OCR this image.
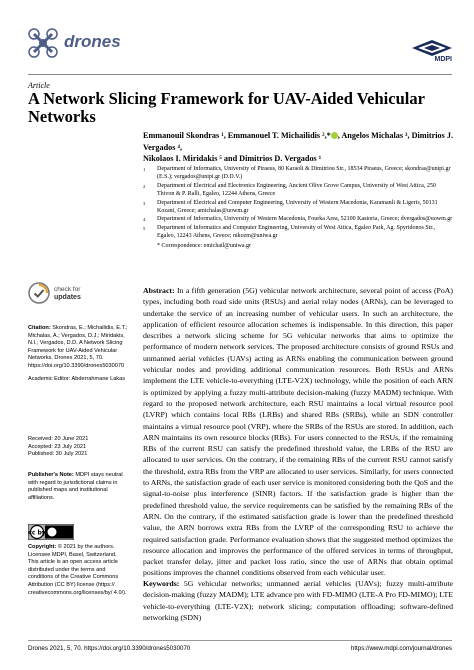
drones
MDPI
Article
A Network Slicing Framework for UAV-Aided Vehicular Networks
Emmanouil Skondras ¹, Emmanouel T. Michailidis ²,* , Angelos Michalas ³, Dimitrios J. Vergados ⁴,
Nikolaos I. Miridakis ⁵ and Dimitrios D. Vergados ¹
1	Department of Informatics, University of Piraeus, 80 Karaoli & Dimitriou Str., 18534 Piraeus, Greece; skondras@unipi.gr (E.S.); vergados@unipi.gr (D.D.V.)
2	Department of Electrical and Electronics Engineering, Ancient Olive Grove Campus, University of West Attica, 250 Thivon & P. Ralli, Egaleo, 12244 Athens, Greece
3	Department of Electrical and Computer Engineering, University of Western Macedonia, Karamanli & Ligeris, 50131 Kozani, Greece; amichalas@uowm.gr
4	Department of Informatics, University of Western Macedonia, Fourka Area, 52100 Kastoria, Greece; dvergados@uowm.gr
5	Department of Informatics and Computer Engineering, University of West Attica, Egaleo Park, Ag. Spyridonos Str., Egaleo, 12243 Athens, Greece; nikozm@uniwa.gr
* Correspondence: emichail@uniwa.gr
check for
updates
Citation: Skondras, E.; Michailidis, E.T.; Michalas, A.; Vergados, D.J.; Miridakis, N.I.; Vergados, D.D. A Network Slicing Framework for UAV-Aided Vehicular Networks. Drones 2021, 5, 70. https://doi.org/10.3390/drones5030070
Academic Editor: Abderrahmane Lakas
Received: 20 June 2021
Accepted: 23 July 2021
Published: 30 July 2021
Publisher's Note: MDPI stays neutral with regard to jurisdictional claims in published maps and institutional affiliations.
cc by
Copyright: © 2021 by the authors. Licensee MDPI, Basel, Switzerland. This article is an open access article distributed under the terms and conditions of the Creative Commons Attribution (CC BY) license (https:// creativecommons.org/licenses/by/ 4.0/).
Abstract: In a fifth generation (5G) vehicular network architecture, several point of access (PoA) types, including both road side units (RSUs) and aerial relay nodes (ARNs), can be leveraged to undertake the service of an increasing number of vehicular users. In such an architecture, the application of efficient resource allocation schemes is indispensable. In this direction, this paper describes a network slicing scheme for 5G vehicular networks that aims to optimize the performance of modern network services. The proposed architecture consists of ground RSUs and unmanned aerial vehicles (UAVs) acting as ARNs enabling the communication between ground vehicular nodes and providing additional communication resources. Both RSUs and ARNs implement the LTE vehicle-to-everything (LTE-V2X) technology, while the position of each ARN is optimized by applying a fuzzy multi-attribute decision-making (fuzzy MADM) technique. With regard to the proposed network architecture, each RSU maintains a local virtual resource pool (LVRP) which contains local RBs (LRBs) and shared RBs (SRBs), while an SDN controller maintains a virtual resource pool (VRP), where the SRBs of the RSUs are stored. In addition, each ARN maintains its own resource blocks (RBs). For users connected to the RSUs, if the remaining RBs of the current RSU can satisfy the predefined threshold value, the LRBs of the RSU are allocated to user services. On the contrary, if the remaining RBs of the current RSU cannot satisfy the threshold, extra RBs from the VRP are allocated to user services. Similarly, for users connected to ARNs, the satisfaction grade of each user service is monitored considering both the QoS and the signal-to-noise plus interference (SINR) factors. If the satisfaction grade is higher than the predefined threshold value, the service requirements can be satisfied by the remaining RBs of the ARN. On the contrary, if the estimated satisfaction grade is lower than the predefined threshold value, the ARN borrows extra RBs from the LVRP of the corresponding RSU to achieve the required satisfaction grade. Performance evaluation shows that the suggested method optimizes the resource allocation and improves the performance of the offered services in terms of throughput, packet transfer delay, jitter and packet loss ratio, since the use of ARNs that obtain optimal positions improves the channel conditions observed from each vehicular user.
Keywords: 5G vehicular networks; unmanned aerial vehicles (UAVs); fuzzy multi-attribute decision-making (fuzzy MADM); LTE advance pro with FD-MIMO (LTE-A Pro FD-MIMO); LTE vehicle-to-everything (LTE-V2X); network slicing; computation offloading; software-defined networking (SDN)
Drones 2021, 5, 70. https://doi.org/10.3390/drones5030070	https://www.mdpi.com/journal/drones
